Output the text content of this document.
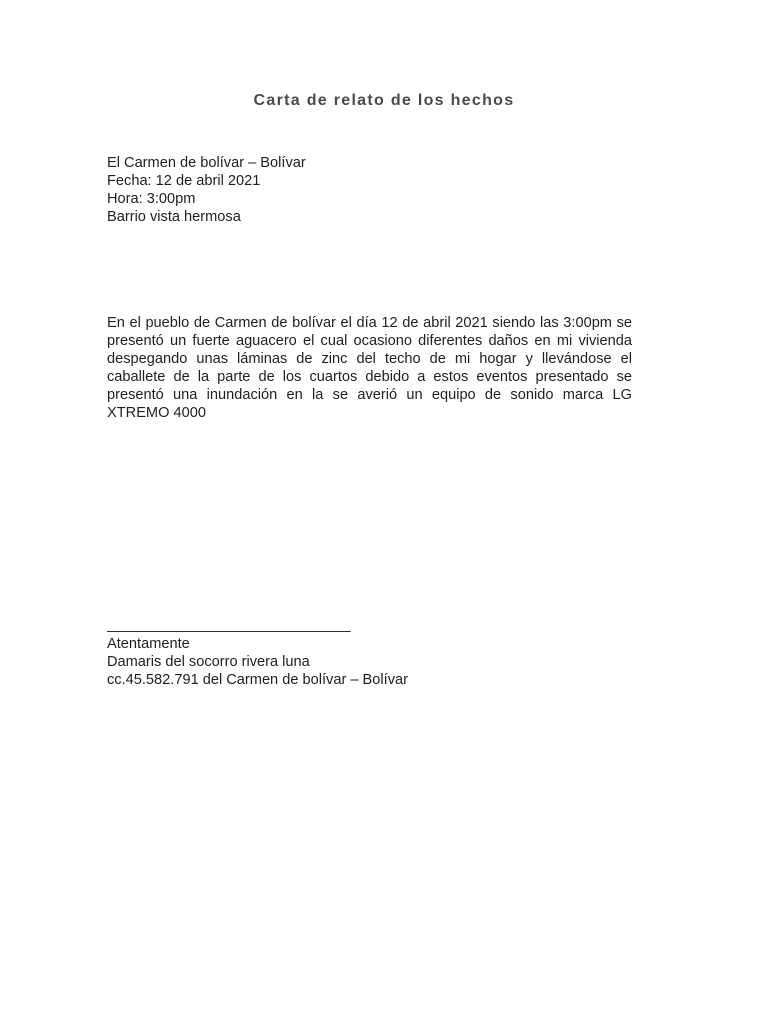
Carta de relato de los hechos
El Carmen de bolívar – Bolívar
Fecha: 12 de abril 2021
Hora: 3:00pm
Barrio vista hermosa

En el pueblo de Carmen de bolívar el día 12 de abril 2021 siendo las 3:00pm se presentó un fuerte aguacero el cual ocasiono diferentes daños en mi vivienda despegando unas láminas de zinc del techo de mi hogar y llevándose el caballete de la parte de los cuartos debido a estos eventos presentado se presentó una inundación en la se averió un equipo de sonido marca LG XTREMO 4000

______________________________
Atentamente
Damaris del socorro rivera luna
cc.45.582.791 del Carmen de bolívar – Bolívar
